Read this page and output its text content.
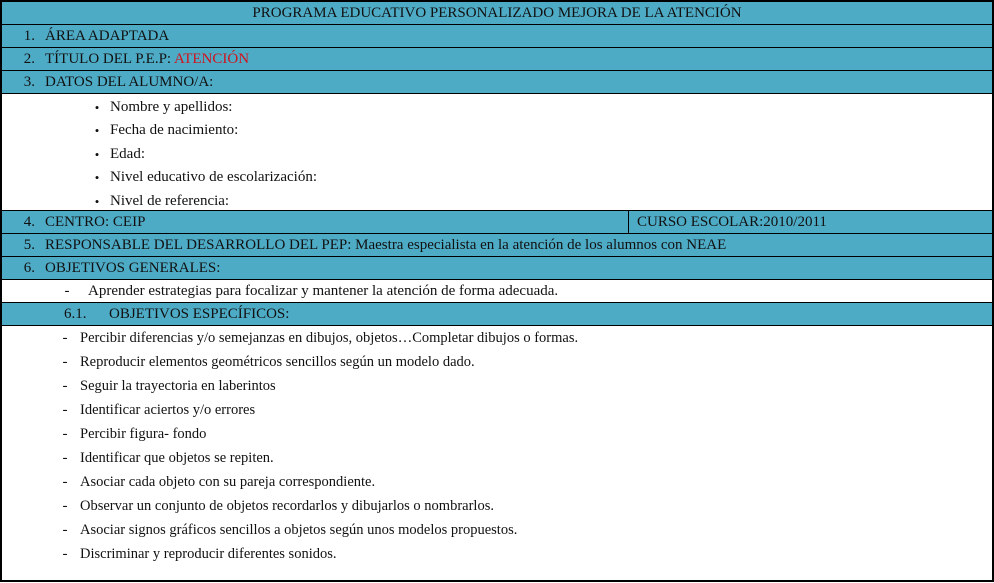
PROGRAMA EDUCATIVO PERSONALIZADO MEJORA DE LA ATENCIÓN
1. ÁREA ADAPTADA
2. TÍTULO DEL P.E.P: ATENCIÓN
3. DATOS DEL ALUMNO/A:
• Nombre y apellidos:
• Fecha de nacimiento:
• Edad:
• Nivel educativo de escolarización:
• Nivel de referencia:
4. CENTRO: CEIP	CURSO ESCOLAR:2010/2011
5. RESPONSABLE DEL DESARROLLO DEL PEP: Maestra especialista en la atención de los alumnos con NEAE
6. OBJETIVOS GENERALES:
- Aprender estrategias para focalizar y mantener la atención de forma adecuada.
6.1. OBJETIVOS ESPECÍFICOS:
- Percibir diferencias y/o semejanzas en dibujos, objetos…Completar dibujos o formas.
- Reproducir elementos geométricos sencillos según un modelo dado.
- Seguir la trayectoria en laberintos
- Identificar aciertos y/o errores
- Percibir figura- fondo
- Identificar que objetos se repiten.
- Asociar cada objeto con su pareja correspondiente.
- Observar un conjunto de objetos recordarlos y dibujarlos o nombrarlos.
- Asociar signos gráficos sencillos a objetos según unos modelos propuestos.
- Discriminar y reproducir diferentes sonidos.
